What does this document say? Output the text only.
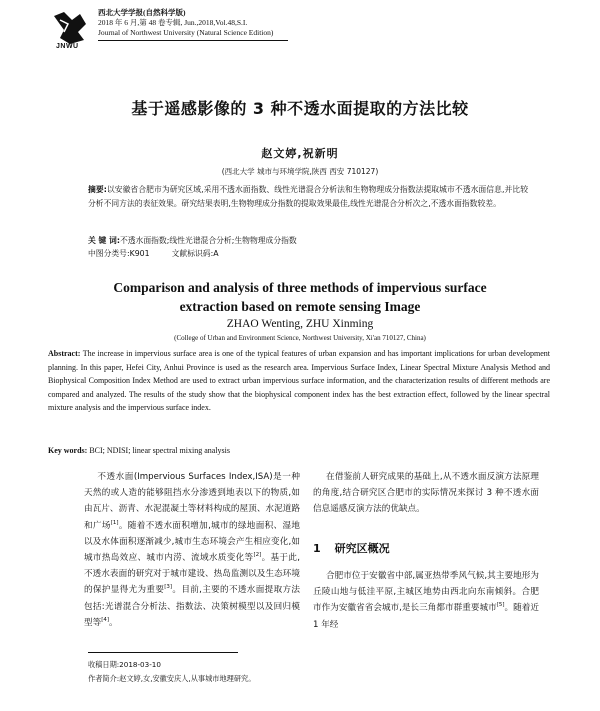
JNWU
西北大学学报(自然科学版)
2018 年 6 月,第 48 卷专辑, Jun.,2018,Vol.48,S.I.
Journal of Northwest University (Natural Science Edition)
基于遥感影像的 3 种不透水面提取的方法比较
赵文婷,祝新明
(西北大学 城市与环境学院,陕西 西安 710127)
摘要:以安徽省合肥市为研究区域,采用不透水面指数、线性光谱混合分析法和生物物理成分指数法提取城市不透水面信息,并比较分析不同方法的表征效果。研究结果表明,生物物理成分指数的提取效果最佳,线性光谱混合分析次之,不透水面指数较差。
关 键 词:不透水面指数;线性光谱混合分析;生物物理成分指数
中图分类号:K901	文献标识码:A
Comparison and analysis of three methods of impervious surface
extraction based on remote sensing Image
ZHAO Wenting, ZHU Xinming
(College of Urban and Environment Science, Northwest University, Xi'an 710127, China)
Abstract: The increase in impervious surface area is one of the typical features of urban expansion and has important implications for urban development planning. In this paper, Hefei City, Anhui Province is used as the research area. Impervious Surface Index, Linear Spectral Mixture Analysis Method and Biophysical Composition Index Method are used to extract urban impervious surface information, and the characterization results of different methods are compared and analyzed. The results of the study show that the biophysical component index has the best extraction effect, followed by the linear spectral mixture analysis and the impervious surface index.
Key words: BCI; NDISI; linear spectral mixing analysis
  不透水面(Impervious Surfaces Index,ISA)是一种天然的或人造的能够阻挡水分渗透到地表以下的物质,如由瓦片、沥青、水泥混凝土等材料构成的屋顶、水泥道路和广场[1]。随着不透水面积增加,城市的绿地面积、湿地以及水体面积逐渐减少,城市生态环境会产生相应变化,如城市热岛效应、城市内涝、流域水质变化等[2]。基于此,不透水表面的研究对于城市建设、热岛监测以及生态环境的保护显得尤为重要[3]。目前,主要的不透水面提取方法包括:光谱混合分析法、指数法、决策树模型以及回归模型等[4]。
  在借鉴前人研究成果的基础上,从不透水面反演方法原理的角度,结合研究区合肥市的实际情况来探讨 3 种不透水面信息遥感反演方法的优缺点。
1 研究区概况
  合肥市位于安徽省中部,属亚热带季风气候,其主要地形为丘陵山地与低洼平原,主城区地势由西北向东南倾斜。合肥市作为安徽省省会城市,是长三角都市群重要城市[5]。随着近 1 年经
收稿日期:2018-03-10
作者简介:赵文婷,女,安徽安庆人,从事城市地理研究。
